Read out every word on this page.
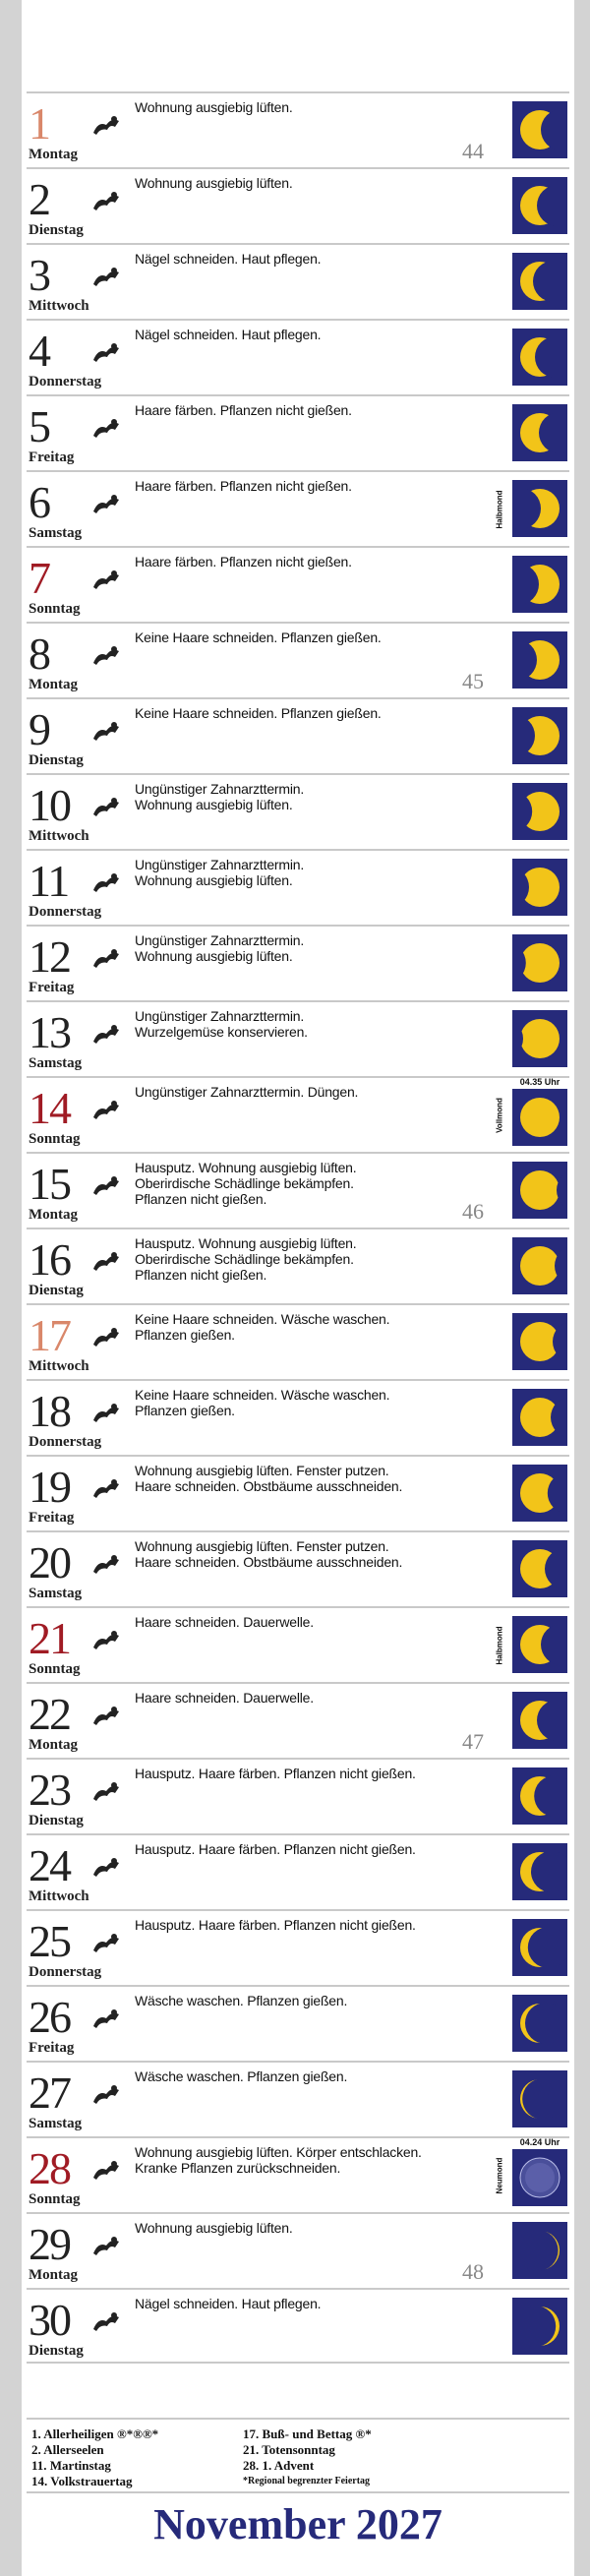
1
Montag
Wohnung ausgiebig lüften.
44
2
Dienstag
Wohnung ausgiebig lüften.
3
Mittwoch
Nägel schneiden. Haut pflegen.
4
Donnerstag
Nägel schneiden. Haut pflegen.
5
Freitag
Haare färben. Pflanzen nicht gießen.
6
Samstag
Haare färben. Pflanzen nicht gießen.
Halbmond
7
Sonntag
Haare färben. Pflanzen nicht gießen.
8
Montag
Keine Haare schneiden. Pflanzen gießen.
45
9
Dienstag
Keine Haare schneiden. Pflanzen gießen.
10
Mittwoch
Ungünstiger Zahnarzttermin.
Wohnung ausgiebig lüften.
11
Donnerstag
Ungünstiger Zahnarzttermin.
Wohnung ausgiebig lüften.
12
Freitag
Ungünstiger Zahnarzttermin.
Wohnung ausgiebig lüften.
13
Samstag
Ungünstiger Zahnarzttermin.
Wurzelgemüse konservieren.
14
Sonntag
Ungünstiger Zahnarzttermin. Düngen.
Vollmond
04.35 Uhr
15
Montag
Hausputz. Wohnung ausgiebig lüften.
Oberirdische Schädlinge bekämpfen.
Pflanzen nicht gießen.	46
16
Dienstag
Hausputz. Wohnung ausgiebig lüften.
Oberirdische Schädlinge bekämpfen.
Pflanzen nicht gießen.
17
Mittwoch
Keine Haare schneiden. Wäsche waschen.
Pflanzen gießen.
18
Donnerstag
Keine Haare schneiden. Wäsche waschen.
Pflanzen gießen.
19
Freitag
Wohnung ausgiebig lüften. Fenster putzen.
Haare schneiden. Obstbäume ausschneiden.
20
Samstag
Wohnung ausgiebig lüften. Fenster putzen.
Haare schneiden. Obstbäume ausschneiden.
21
Sonntag
Haare schneiden. Dauerwelle.
Halbmond
22
Montag
Haare schneiden. Dauerwelle.
47
23
Dienstag
Hausputz. Haare färben. Pflanzen nicht gießen.
24
Mittwoch
Hausputz. Haare färben. Pflanzen nicht gießen.
25
Donnerstag
Hausputz. Haare färben. Pflanzen nicht gießen.
26
Freitag
Wäsche waschen. Pflanzen gießen.
27
Samstag
Wäsche waschen. Pflanzen gießen.
28
Sonntag
Wohnung ausgiebig lüften. Körper entschlacken.
Kranke Pflanzen zurückschneiden.	Neumond
04.24 Uhr
29
Montag
Wohnung ausgiebig lüften.
48
30
Dienstag
Nägel schneiden. Haut pflegen.
1. Allerheiligen ®*®®*
2. Allerseelen
11. Martinstag
14. Volkstrauertag
17. Buß- und Bettag ®*
21. Totensonntag
28. 1. Advent
*Regional begrenzter Feiertag
November 2027
